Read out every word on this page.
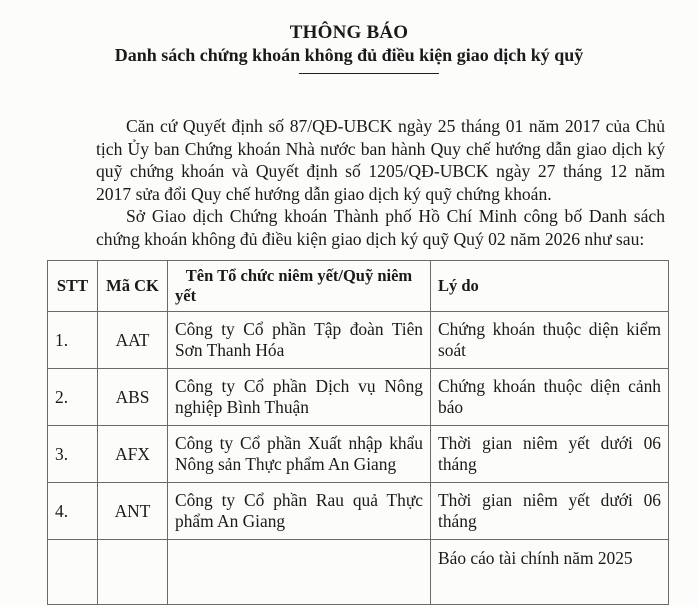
THÔNG BÁO
Danh sách chứng khoán không đủ điều kiện giao dịch ký quỹ
Căn cứ Quyết định số 87/QĐ-UBCK ngày 25 tháng 01 năm 2017 của Chủ tịch Ủy ban Chứng khoán Nhà nước ban hành Quy chế hướng dẫn giao dịch ký quỹ chứng khoán và Quyết định số 1205/QĐ-UBCK ngày 27 tháng 12 năm 2017 sửa đổi Quy chế hướng dẫn giao dịch ký quỹ chứng khoán.
Sở Giao dịch Chứng khoán Thành phố Hồ Chí Minh công bố Danh sách chứng khoán không đủ điều kiện giao dịch ký quỹ Quý 02 năm 2026 như sau:
STT	Mã CK	Tên Tổ chức niêm yết/Quỹ niêm yết	Lý do
1.	AAT	Công ty Cổ phần Tập đoàn Tiên Sơn Thanh Hóa	Chứng khoán thuộc diện kiểm soát
2.	ABS	Công ty Cổ phần Dịch vụ Nông nghiệp Bình Thuận	Chứng khoán thuộc diện cảnh báo
3.	AFX	Công ty Cổ phần Xuất nhập khẩu Nông sản Thực phẩm An Giang	Thời gian niêm yết dưới 06 tháng
4.	ANT	Công ty Cổ phần Rau quả Thực phẩm An Giang	Thời gian niêm yết dưới 06 tháng
			Báo cáo tài chính năm 2025
